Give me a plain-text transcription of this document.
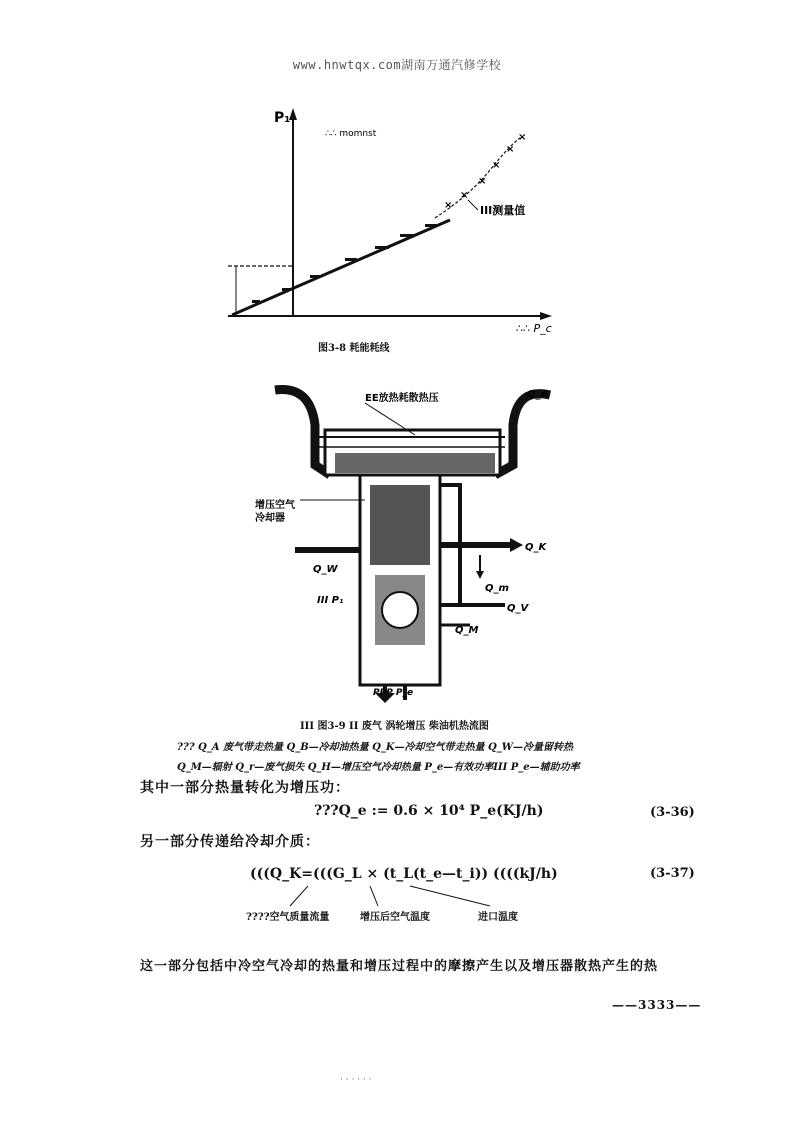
www.hnwtqx.com湖南万通汽修学校
P₁
∴∴ momnst
×
×
×
×
×
×
III测量值
∴∴ P_c
图3-8 耗能耗线
EE放热耗散热压	Q_A
增压空气
冷却器
Q_K
Q_W
III P₁
Q_m
Q_V
Q_M
PPP P_e
III 图3-9 II 废气 涡轮增压 柴油机热流图
??? Q_A 废气带走热量 Q_B—冷却油热量 Q_K—冷却空气带走热量 Q_W—冷量留转热
Q_M—辐射 Q_r—废气损失 Q_H—增压空气冷却热量 P_e—有效功率III P_e—辅助功率
其中一部分热量转化为增压功：
???Q_e := 0.6 × 10⁴ P_e(KJ/h)	(3-36)
另一部分传递给冷却介质：
(((Q_K=(((G_L × (t_L(t_e—t_i)) ((((kJ/h)	(3-37)
????空气质量流量	增压后空气温度	进口温度
这一部分包括中冷空气冷却的热量和增压过程中的摩擦产生以及增压器散热产生的热
——3333——
· · · · · ·
